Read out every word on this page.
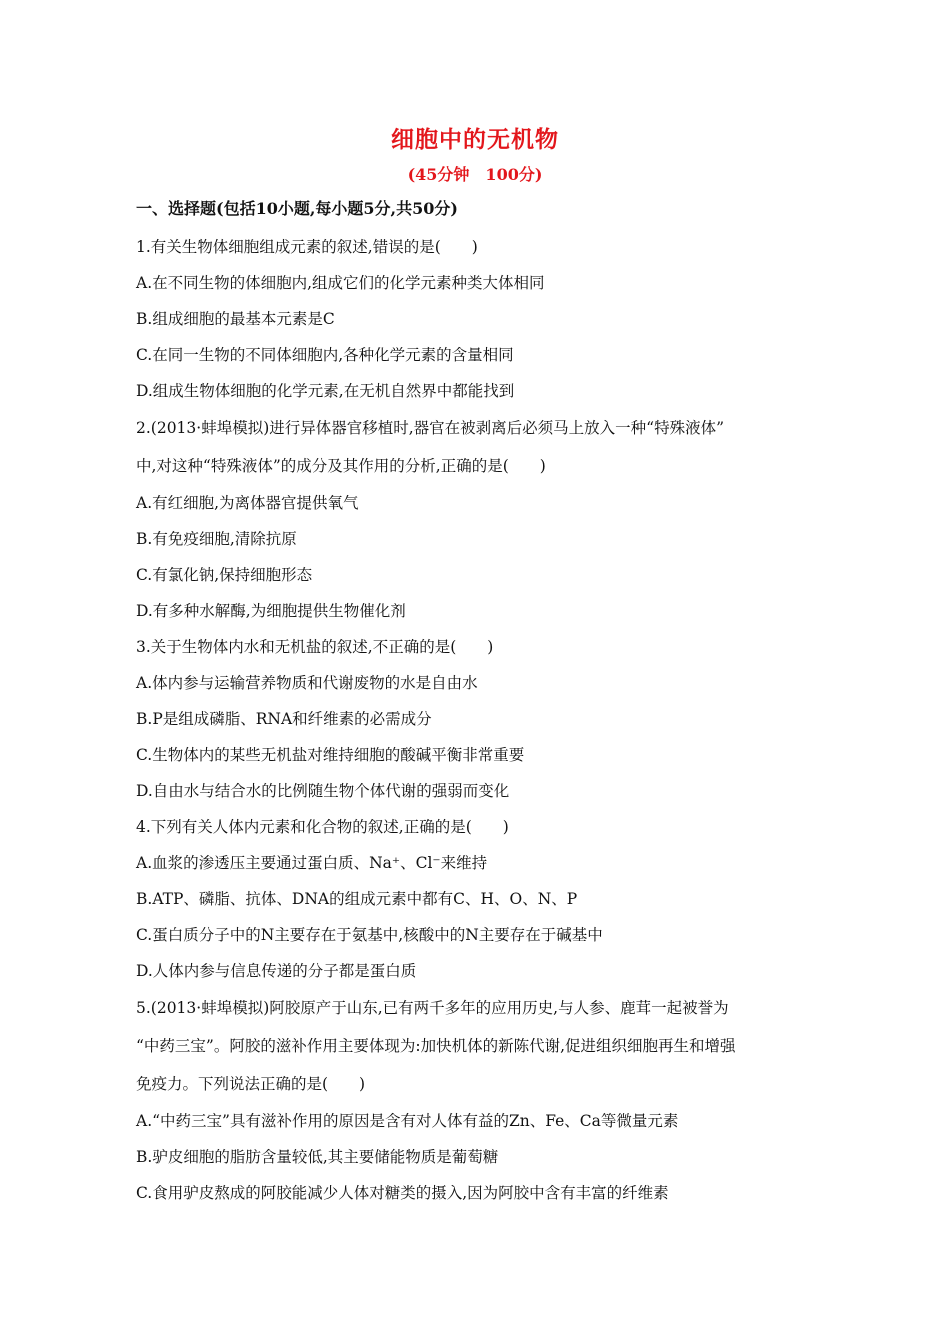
细胞中的无机物
(45分钟　100分)
一、选择题(包括10小题,每小题5分,共50分)
1.有关生物体细胞组成元素的叙述,错误的是(　　)
A.在不同生物的体细胞内,组成它们的化学元素种类大体相同
B.组成细胞的最基本元素是C
C.在同一生物的不同体细胞内,各种化学元素的含量相同
D.组成生物体细胞的化学元素,在无机自然界中都能找到
2.(2013·蚌埠模拟)进行异体器官移植时,器官在被剥离后必须马上放入一种“特殊液体”
中,对这种“特殊液体”的成分及其作用的分析,正确的是(　　)
A.有红细胞,为离体器官提供氧气
B.有免疫细胞,清除抗原
C.有氯化钠,保持细胞形态
D.有多种水解酶,为细胞提供生物催化剂
3.关于生物体内水和无机盐的叙述,不正确的是(　　)
A.体内参与运输营养物质和代谢废物的水是自由水
B.P是组成磷脂、RNA和纤维素的必需成分
C.生物体内的某些无机盐对维持细胞的酸碱平衡非常重要
D.自由水与结合水的比例随生物个体代谢的强弱而变化
4.下列有关人体内元素和化合物的叙述,正确的是(　　)
A.血浆的渗透压主要通过蛋白质、Na⁺、Cl⁻来维持
B.ATP、磷脂、抗体、DNA的组成元素中都有C、H、O、N、P
C.蛋白质分子中的N主要存在于氨基中,核酸中的N主要存在于碱基中
D.人体内参与信息传递的分子都是蛋白质
5.(2013·蚌埠模拟)阿胶原产于山东,已有两千多年的应用历史,与人参、鹿茸一起被誉为
“中药三宝”。阿胶的滋补作用主要体现为:加快机体的新陈代谢,促进组织细胞再生和增强
免疫力。下列说法正确的是(　　)
A.“中药三宝”具有滋补作用的原因是含有对人体有益的Zn、Fe、Ca等微量元素
B.驴皮细胞的脂肪含量较低,其主要储能物质是葡萄糖
C.食用驴皮熬成的阿胶能减少人体对糖类的摄入,因为阿胶中含有丰富的纤维素
